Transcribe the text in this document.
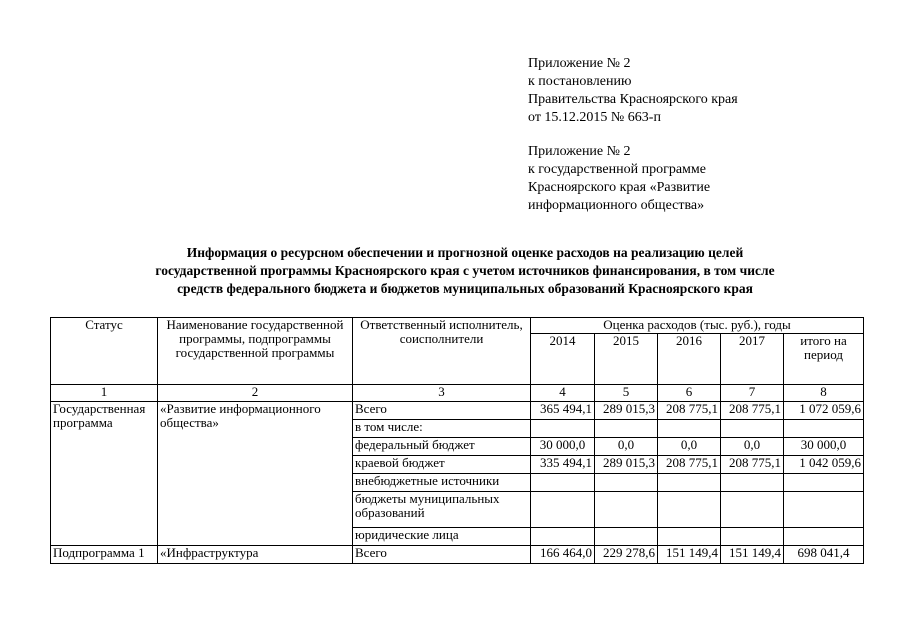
Приложение № 2
к постановлению
Правительства Красноярского края
от 15.12.2015 № 663-п
Приложение № 2
к государственной программе
Красноярского края «Развитие
информационного общества»
Информация о ресурсном обеспечении и прогнозной оценке расходов на реализацию целей
государственной программы Красноярского края с учетом источников финансирования, в том числе
средств федерального бюджета и бюджетов муниципальных образований Красноярского края
Статус	Наименование государственной программы, подпрограммы государственной программы	Ответственный исполнитель, соисполнители	Оценка расходов (тыс. руб.), годы				
			2014	2015	2016	2017	итого на период
1	2	3	4	5	6	7	8
Государственная программа	«Развитие информационного общества»	Всего	365 494,1	289 015,3	208 775,1	208 775,1	1 072 059,6
		в том числе:					
		федеральный бюджет	30 000,0	0,0	0,0	0,0	30 000,0
		краевой бюджет	335 494,1	289 015,3	208 775,1	208 775,1	1 042 059,6
		внебюджетные источники					
		бюджеты муниципальных образований					
		юридические лица					
Подпрограмма 1	«Инфраструктура	Всего	166 464,0	229 278,6	151 149,4	151 149,4	698 041,4
